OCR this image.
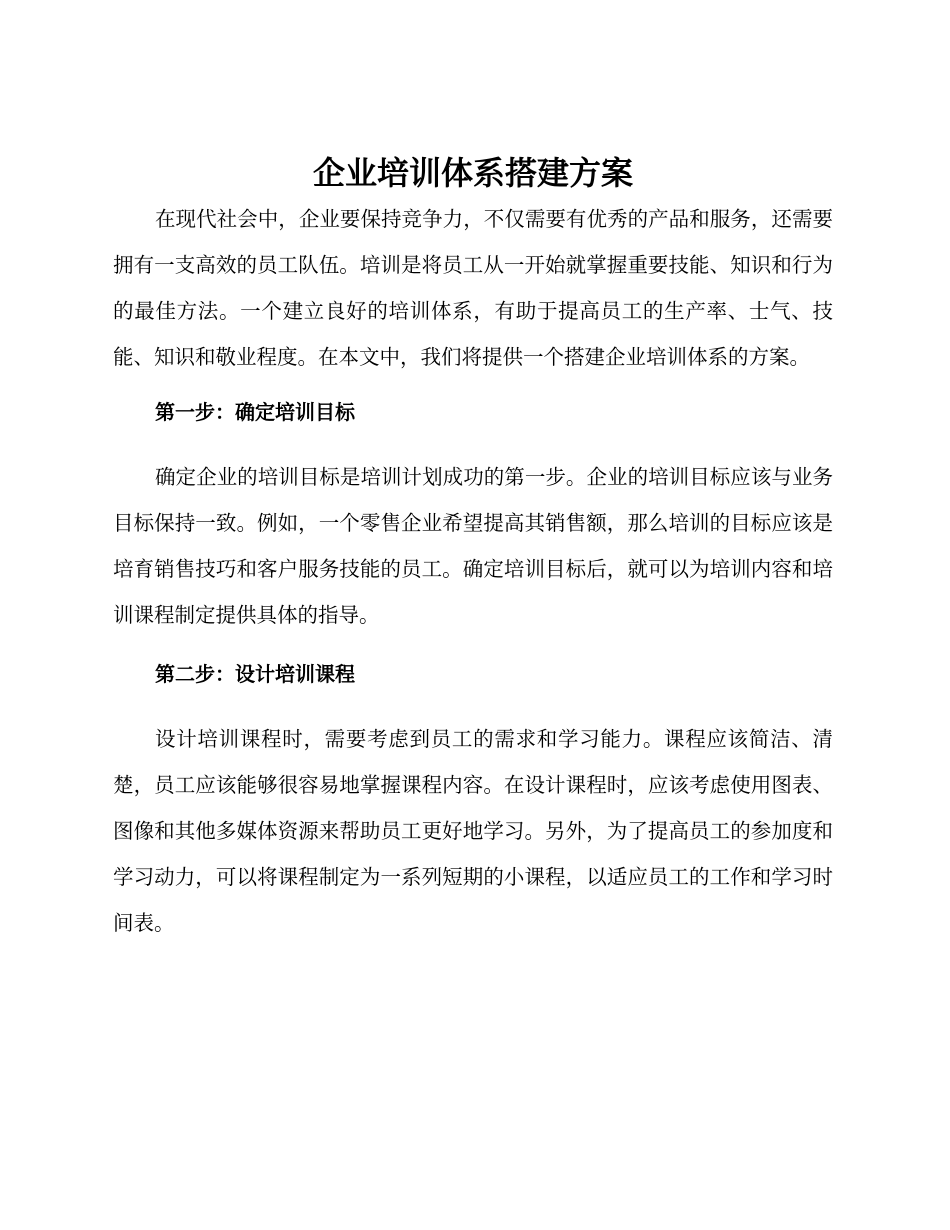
企业培训体系搭建方案

在现代社会中，企业要保持竞争力，不仅需要有优秀的产品和服务，还需要拥有一支高效的员工队伍。培训是将员工从一开始就掌握重要技能、知识和行为的最佳方法。一个建立良好的培训体系，有助于提高员工的生产率、士气、技能、知识和敬业程度。在本文中，我们将提供一个搭建企业培训体系的方案。

第一步：确定培训目标

确定企业的培训目标是培训计划成功的第一步。企业的培训目标应该与业务目标保持一致。例如，一个零售企业希望提高其销售额，那么培训的目标应该是培育销售技巧和客户服务技能的员工。确定培训目标后，就可以为培训内容和培训课程制定提供具体的指导。

第二步：设计培训课程

设计培训课程时，需要考虑到员工的需求和学习能力。课程应该简洁、清楚，员工应该能够很容易地掌握课程内容。在设计课程时，应该考虑使用图表、图像和其他多媒体资源来帮助员工更好地学习。另外，为了提高员工的参加度和学习动力，可以将课程制定为一系列短期的小课程，以适应员工的工作和学习时间表。
